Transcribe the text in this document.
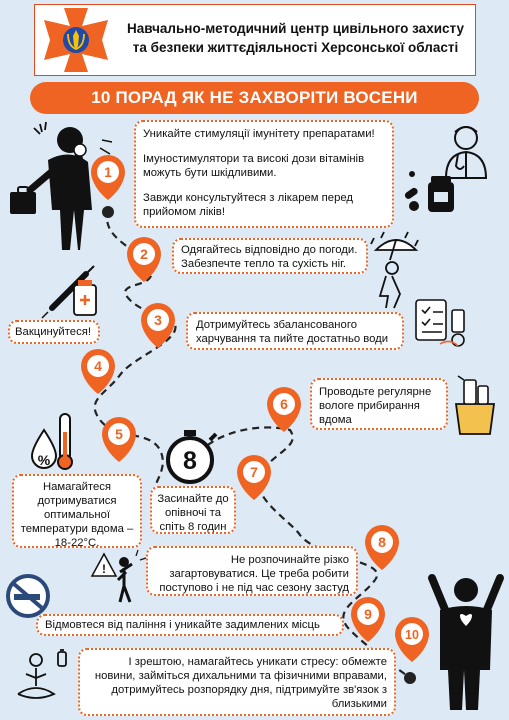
Навчально-методичний центр цивільного захисту
та безпеки життєдіяльності Херсонської області
10 ПОРАД ЯК НЕ ЗАХВОРІТИ ВОСЕНИ
1
2
3
4
5
6
7
8
9
10
%	8
!

Уникайте стимуляції імунітету препаратами!

Імуностимулятори та високі дози вітамінів можуть бути шкідливими.

Завжди консультуйтеся з лікарем перед прийомом ліків!

Одягайтесь відповідно до погоди. Забезпечте тепло та сухість ніг.

Дотримуйтесь збалансованого харчування та пийте достатньо води

Вакцинуйтеся!

Проводьте регулярне вологе прибирання вдома

Намагайтеся дотримуватися оптимальної температури вдома – 18-22°С.

Засинайте до опівночі та спіть 8 годин

Не розпочинайте різко загартовуватися. Це треба робити поступово і не під час сезону застуд

Відмовтеся від паління і уникайте задимлених місць

І зрештою, намагайтесь уникати стресу: обмежте новини, займіться дихальними та фізичними вправами, дотримуйтесь розпорядку дня, підтримуйте зв'язок з близькими
